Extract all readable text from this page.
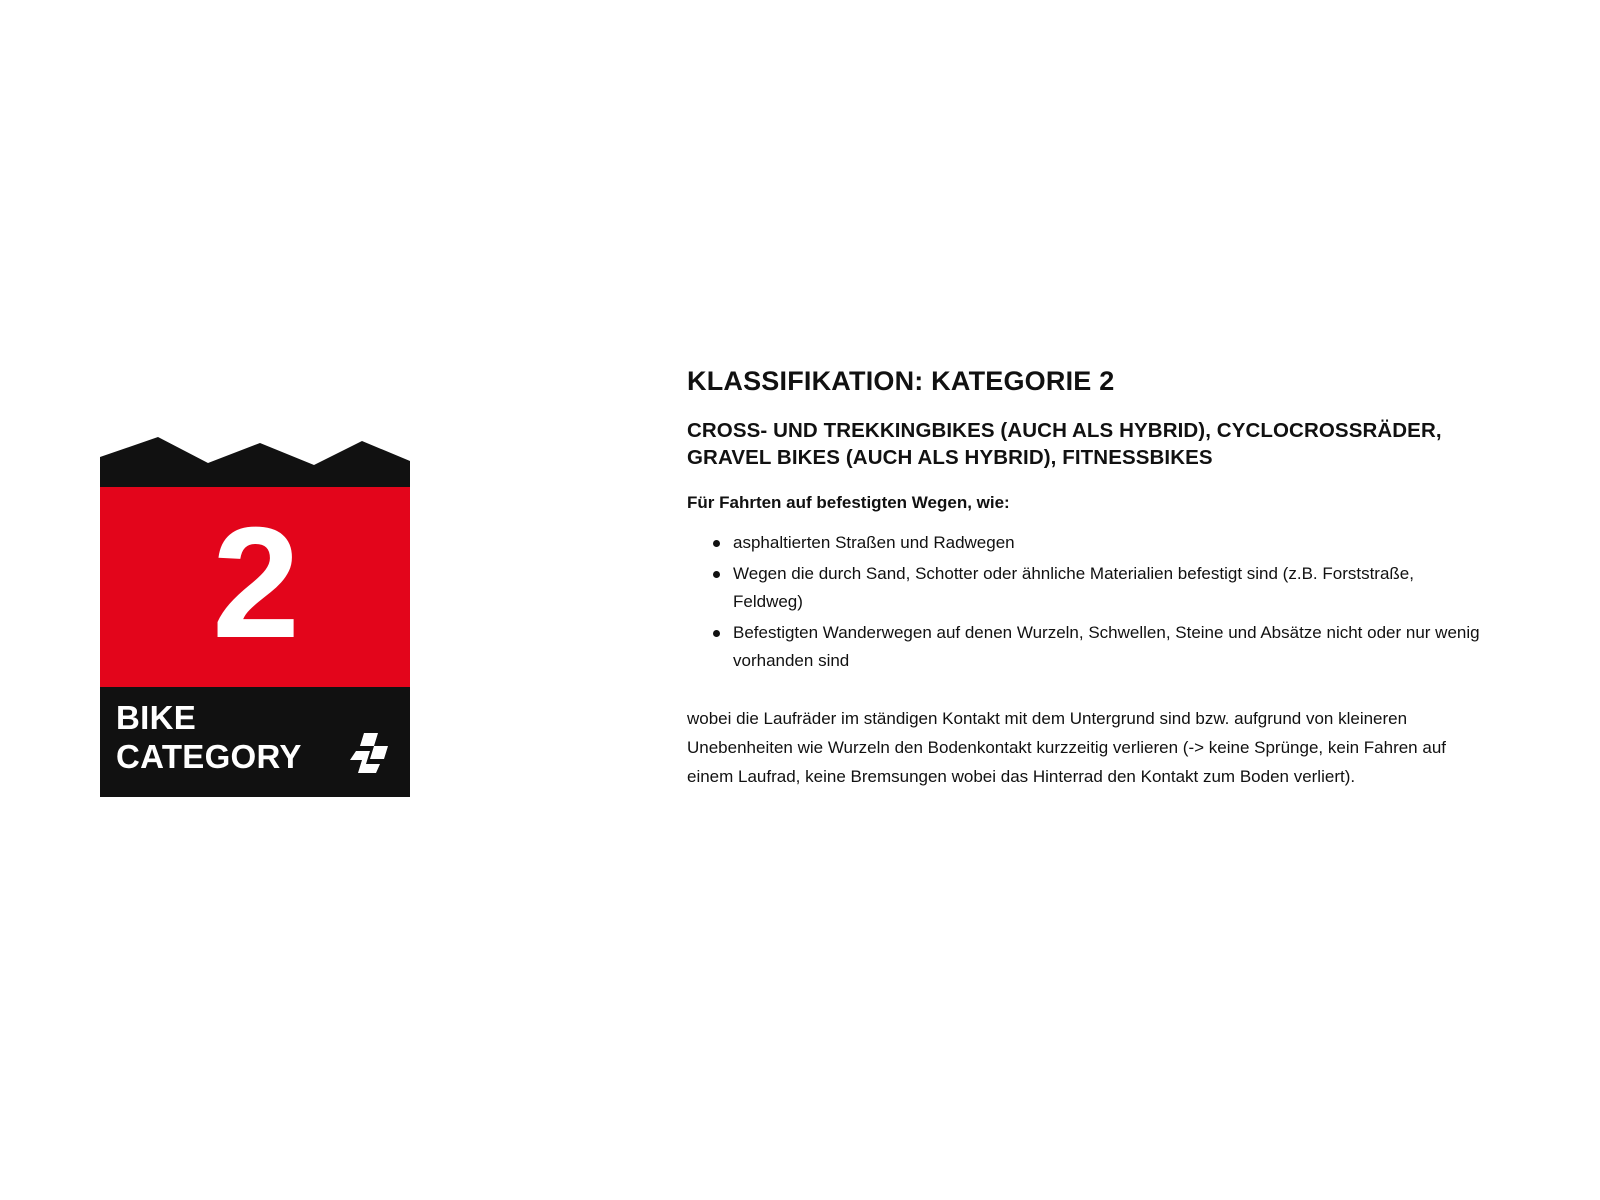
2
BIKE
CATEGORY
KLASSIFIKATION: KATEGORIE 2
CROSS- UND TREKKINGBIKES (AUCH ALS HYBRID), CYCLOCROSSRÄDER, GRAVEL BIKES (AUCH ALS HYBRID), FITNESSBIKES

Für Fahrten auf befestigten Wegen, wie:

asphaltierten Straßen und Radwegen
Wegen die durch Sand, Schotter oder ähnliche Materialien befestigt sind (z.B. Forststraße, Feldweg)
Befestigten Wanderwegen auf denen Wurzeln, Schwellen, Steine und Absätze nicht oder nur wenig vorhanden sind

wobei die Laufräder im ständigen Kontakt mit dem Untergrund sind bzw. aufgrund von kleineren Unebenheiten wie Wurzeln den Bodenkontakt kurzzeitig verlieren (-> keine Sprünge, kein Fahren auf einem Laufrad, keine Bremsungen wobei das Hinterrad den Kontakt zum Boden verliert).
